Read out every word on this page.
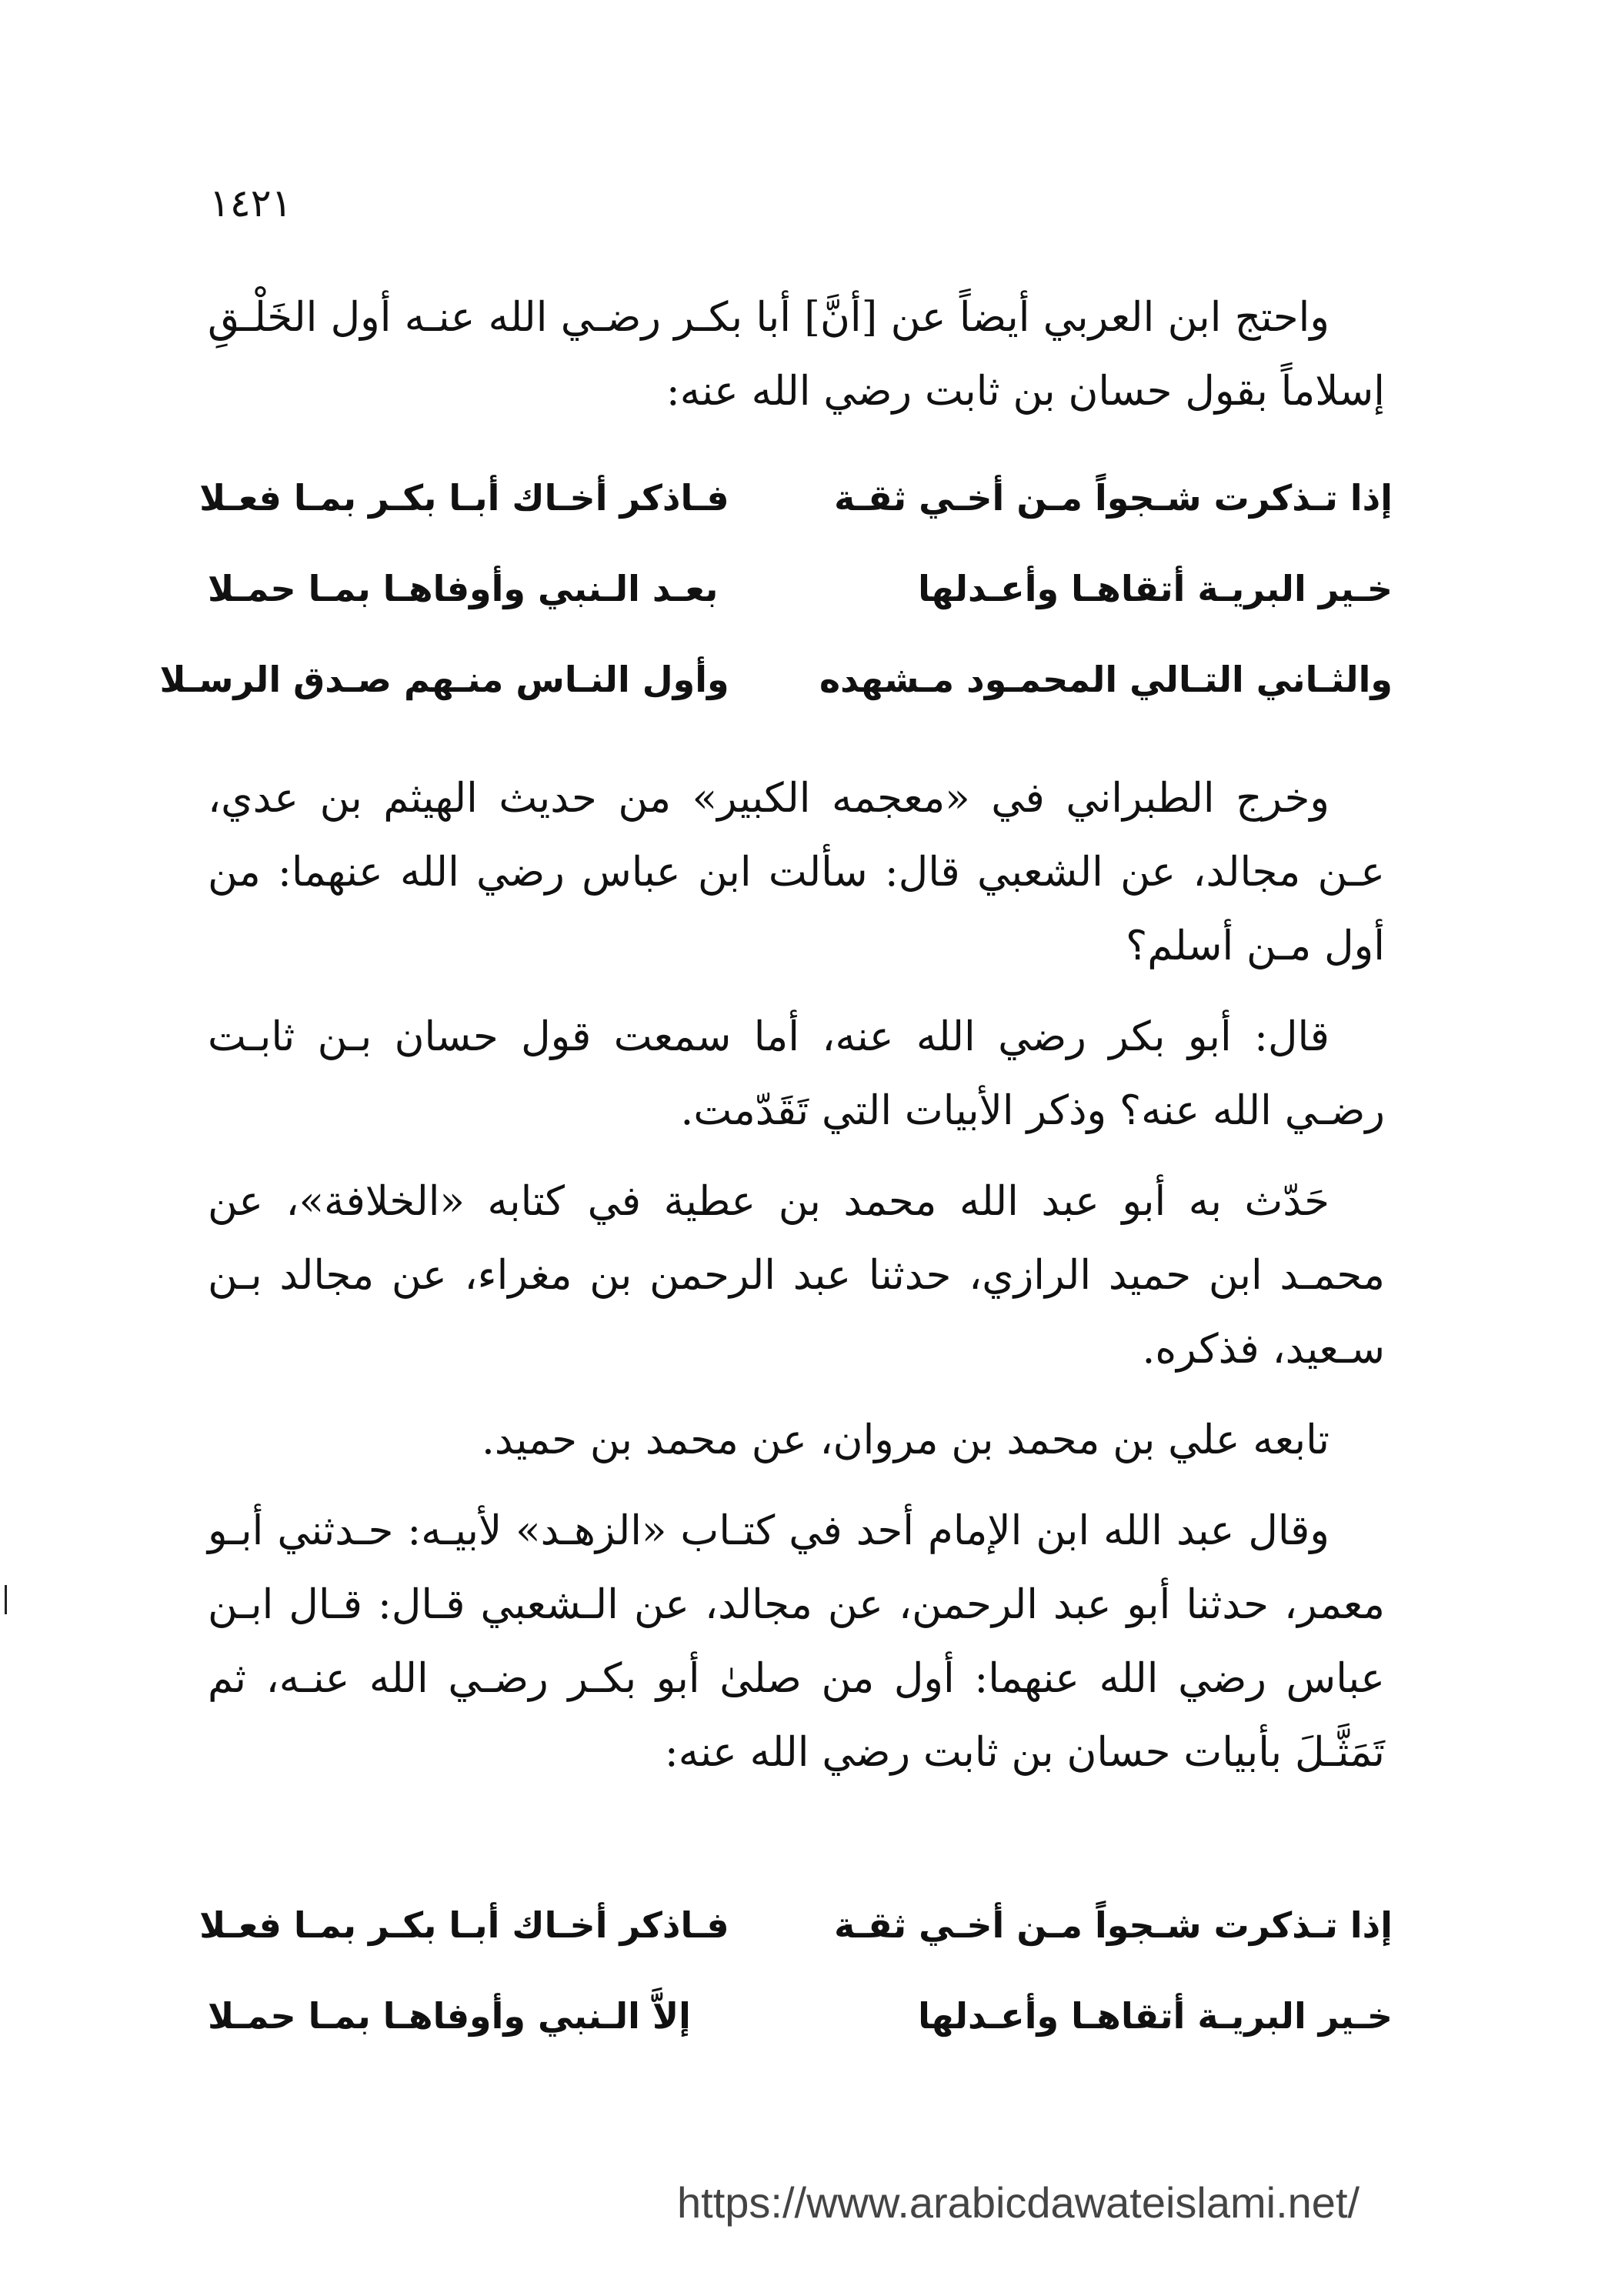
١٤٢١

واحتج ابن العربي أيضاً عن [أنَّ] أبا بكـر رضـي الله عنـه أول الخَلْـقِ إسلاماً بقول حسان بن ثابت رضي الله عنه:

إذا تـذكرت شـجواً مـن أخـي ثقـة
فـاذكر أخـاك أبـا بكـر بمـا فعـلا
خـير البريـة أتقاهـا وأعـدلها
بعـد الـنبي وأوفاهـا بمـا حمـلا
والثـاني التـالي المحمـود مـشهده
وأول النـاس منـهم صـدق الرسـلا

وخرج الطبراني في «معجمه الكبير» من حديث الهيثم بن عدي، عـن مجالد، عن الشعبي قال: سألت ابن عباس رضي الله عنهما: من أول مـن أسلم؟

قال: أبو بكر رضي الله عنه، أما سمعت قول حسان بـن ثابـت رضـي الله عنه؟ وذكر الأبيات التي تَقَدّمت.

حَدّث به أبو عبد الله محمد بن عطية في كتابه «الخلافة»، عن محمـد ابن حميد الرازي، حدثنا عبد الرحمن بن مغراء، عن مجالد بـن سـعيد، فذكره.

تابعه علي بن محمد بن مروان، عن محمد بن حميد.

وقال عبد الله ابن الإمام أحد في كتـاب «الزهـد» لأبيـه: حـدثني أبـو معمر، حدثنا أبو عبد الرحمن، عن مجالد، عن الـشعبي قـال: قـال ابـن عباس رضي الله عنهما: أول من صلىٰ أبو بكـر رضـي الله عنـه، ثم تَمَثَّـلَ بأبيات حسان بن ثابت رضي الله عنه:

إذا تـذكرت شـجواً مـن أخـي ثقـة
فـاذكر أخـاك أبـا بكـر بمـا فعـلا
خـير البريـة أتقاهـا وأعـدلها
إلاَّ الـنبي وأوفاهـا بمـا حمـلا
https://www.arabicdawateislami.net/
